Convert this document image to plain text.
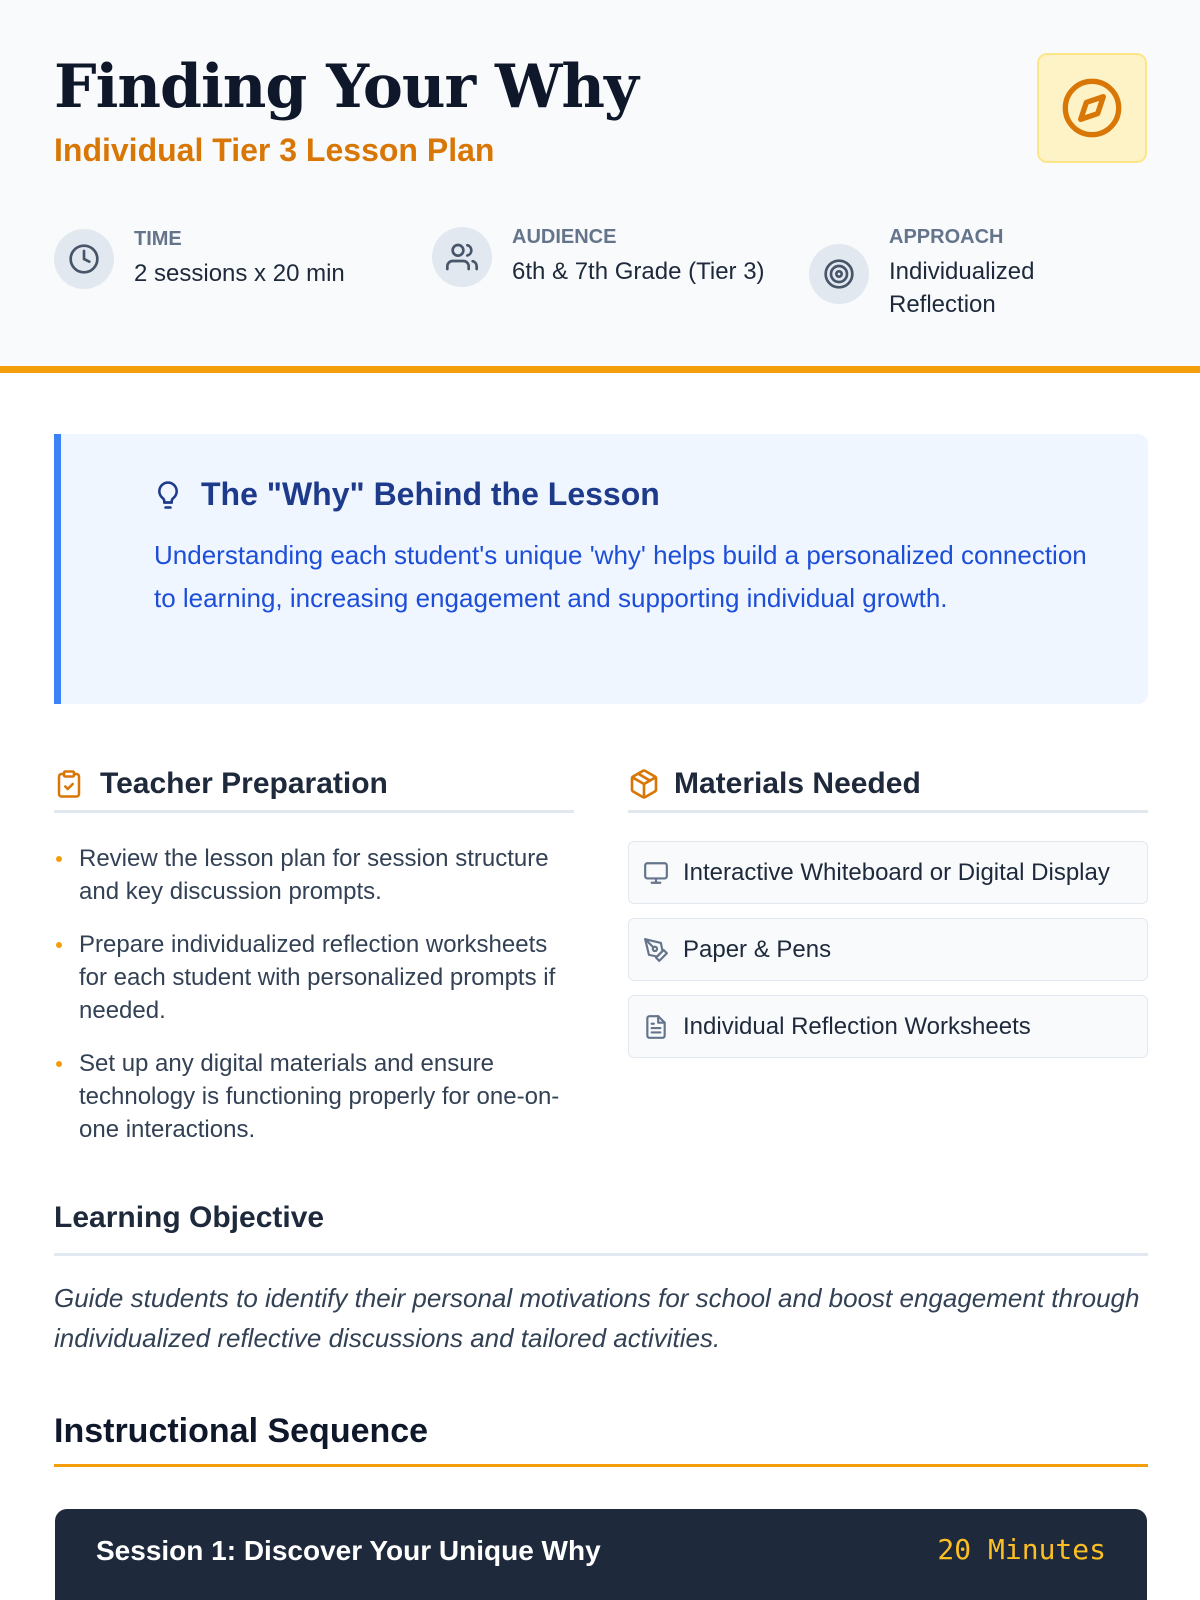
Finding Your Why
Individual Tier 3 Lesson Plan
TIME
2 sessions x 20 min
AUDIENCE
6th & 7th Grade (Tier 3)
APPROACH
Individualized Reflection
The "Why" Behind the Lesson
Understanding each student's unique 'why' helps build a personalized connection to learning, increasing engagement and supporting individual growth.
Teacher Preparation
Review the lesson plan for session structure and key discussion prompts.
Prepare individualized reflection worksheets for each student with personalized prompts if needed.
Set up any digital materials and ensure technology is functioning properly for one-on-one interactions.
Materials Needed
Interactive Whiteboard or Digital Display
Paper & Pens
Individual Reflection Worksheets
Learning Objective
Guide students to identify their personal motivations for school and boost engagement through individualized reflective discussions and tailored activities.
Instructional Sequence
Session 1: Discover Your Unique Why	20 Minutes
